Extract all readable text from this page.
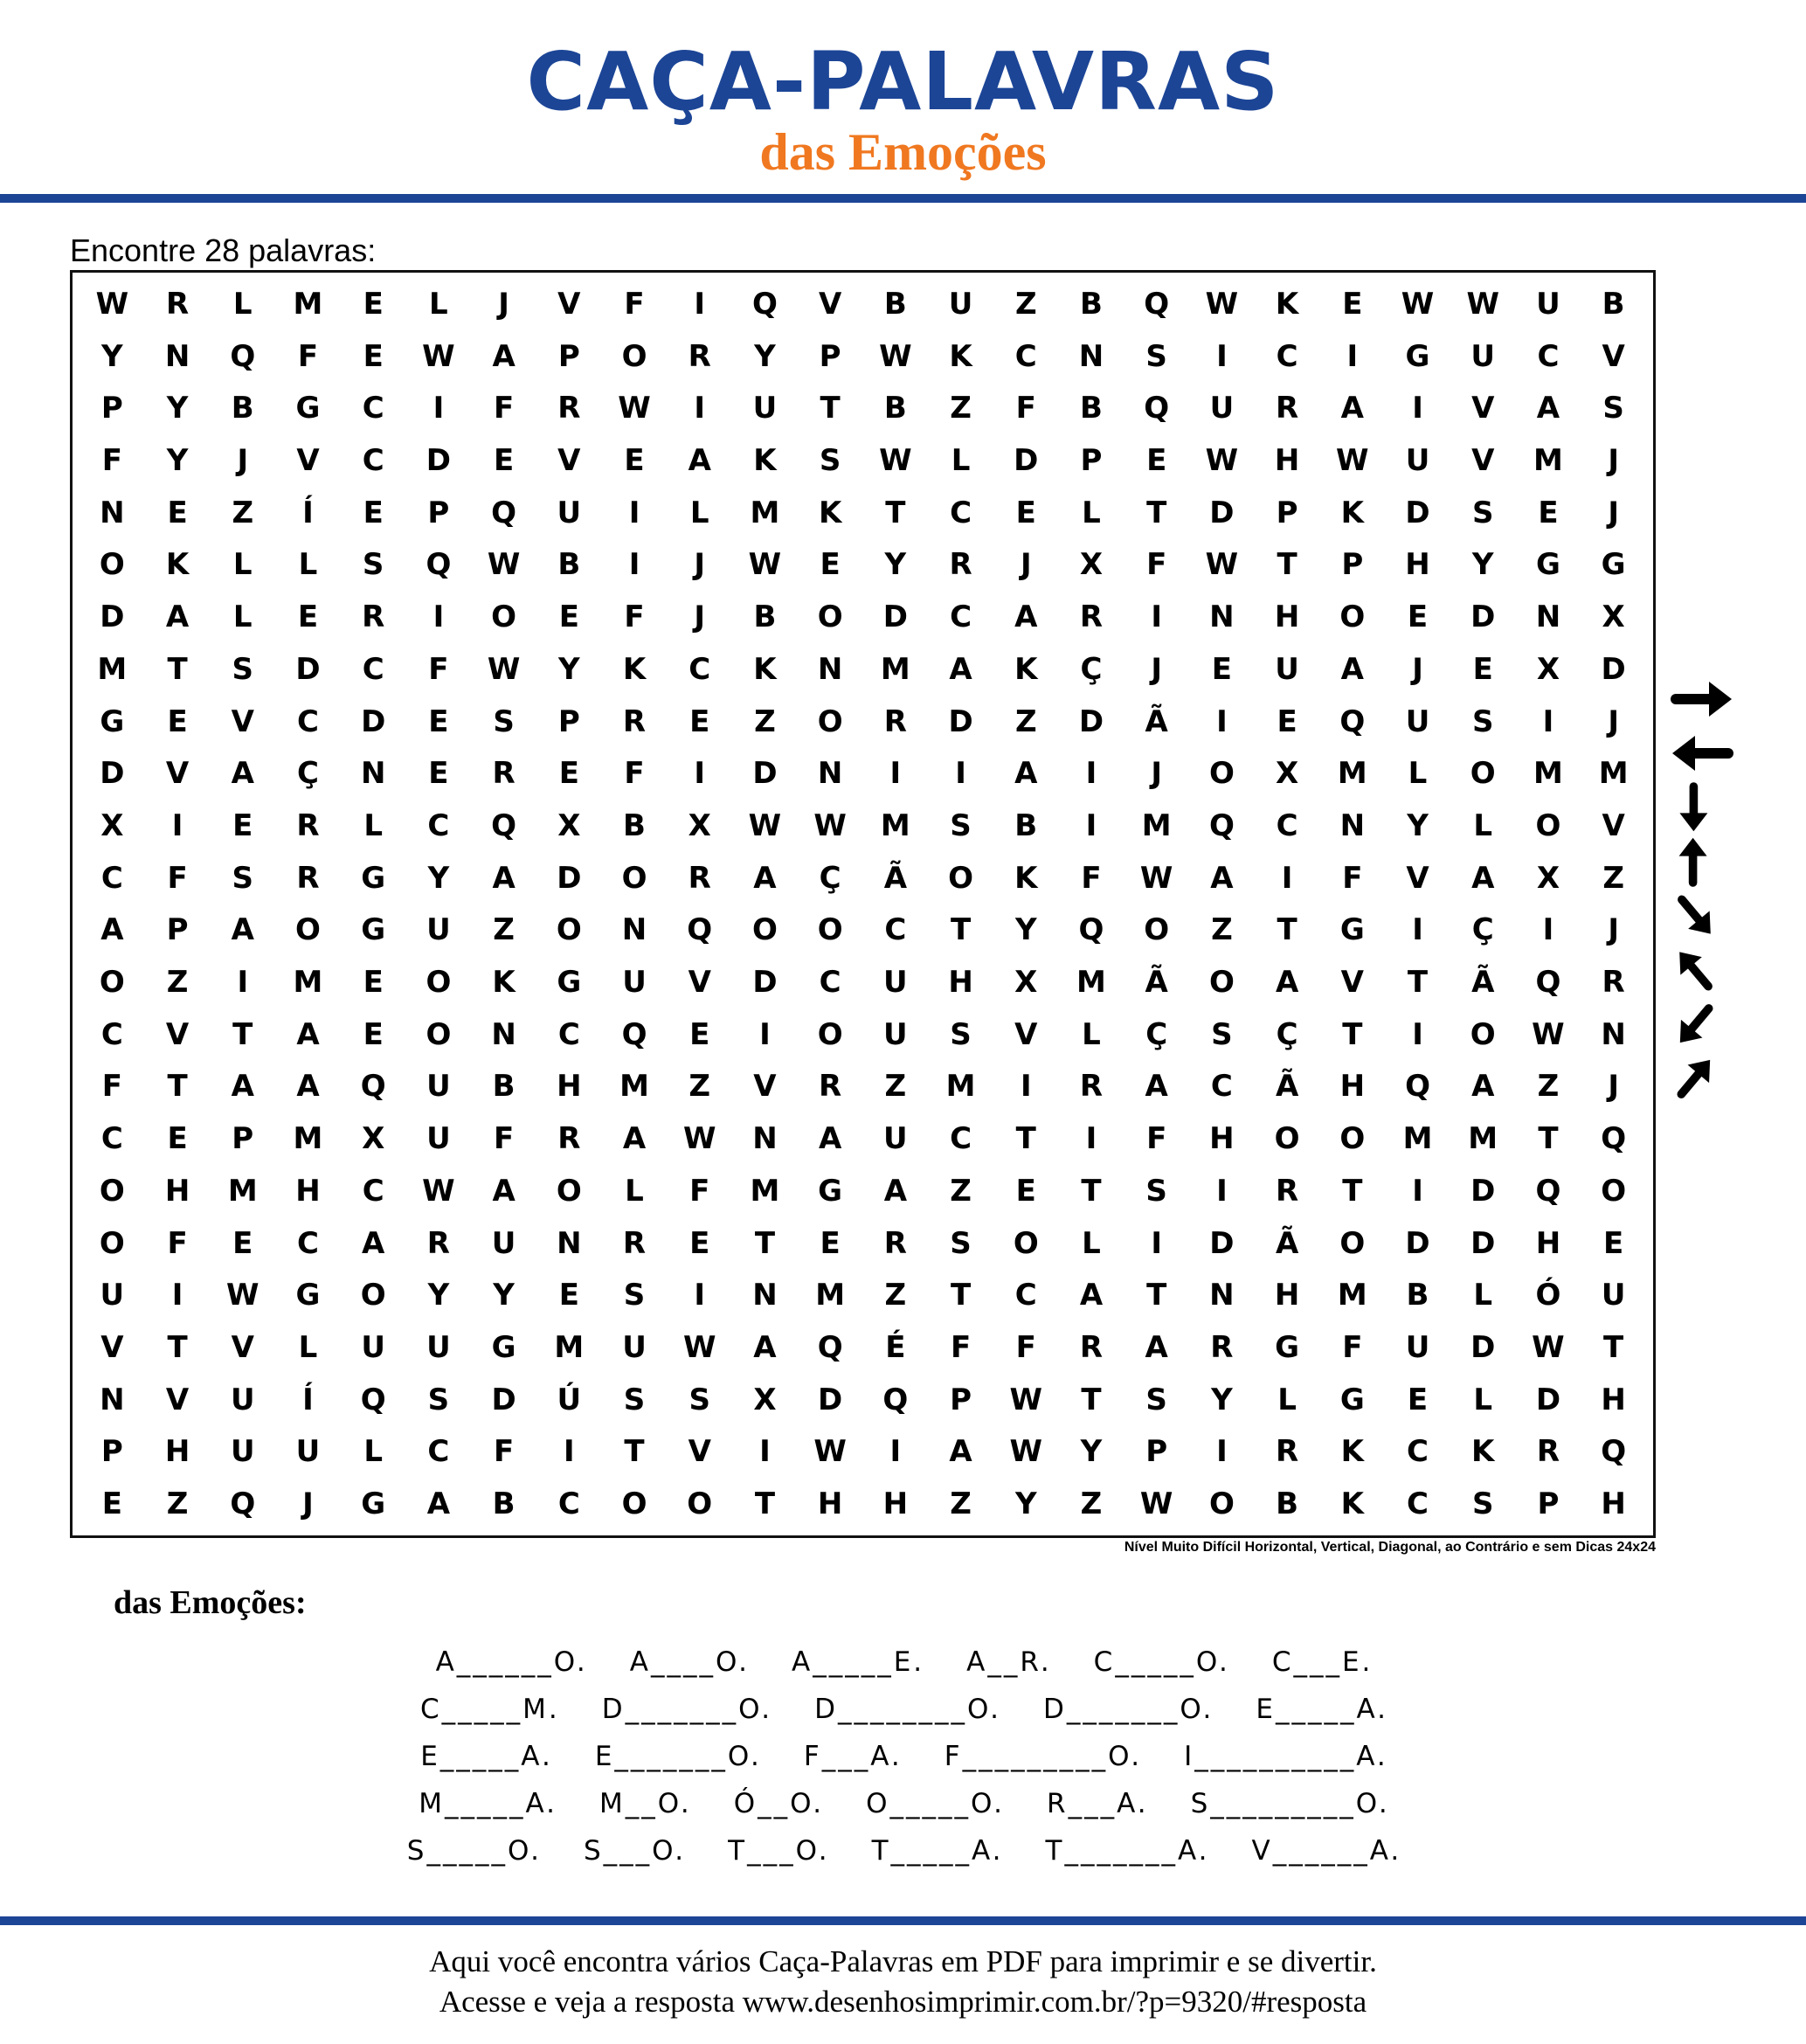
CAÇA-PALAVRAS
das Emoções
Encontre 28 palavras:
W	R	L	M	E	L	J	V	F	I	Q	V	B	U	Z	B	Q	W	K	E	W	W	U	B
Y	N	Q	F	E	W	A	P	O	R	Y	P	W	K	C	N	S	I	C	I	G	U	C	V
P	Y	B	G	C	I	F	R	W	I	U	T	B	Z	F	B	Q	U	R	A	I	V	A	S
F	Y	J	V	C	D	E	V	E	A	K	S	W	L	D	P	E	W	H	W	U	V	M	J
N	E	Z	Í	E	P	Q	U	I	L	M	K	T	C	E	L	T	D	P	K	D	S	E	J
O	K	L	L	S	Q	W	B	I	J	W	E	Y	R	J	X	F	W	T	P	H	Y	G	G
D	A	L	E	R	I	O	E	F	J	B	O	D	C	A	R	I	N	H	O	E	D	N	X
M	T	S	D	C	F	W	Y	K	C	K	N	M	A	K	Ç	J	E	U	A	J	E	X	D
G	E	V	C	D	E	S	P	R	E	Z	O	R	D	Z	D	Ã	I	E	Q	U	S	I	J
D	V	A	Ç	N	E	R	E	F	I	D	N	I	I	A	I	J	O	X	M	L	O	M	M
X	I	E	R	L	C	Q	X	B	X	W	W	M	S	B	I	M	Q	C	N	Y	L	O	V
C	F	S	R	G	Y	A	D	O	R	A	Ç	Ã	O	K	F	W	A	I	F	V	A	X	Z
A	P	A	O	G	U	Z	O	N	Q	O	O	C	T	Y	Q	O	Z	T	G	I	Ç	I	J
O	Z	I	M	E	O	K	G	U	V	D	C	U	H	X	M	Ã	O	A	V	T	Ã	Q	R
C	V	T	A	E	O	N	C	Q	E	I	O	U	S	V	L	Ç	S	Ç	T	I	O	W	N
F	T	A	A	Q	U	B	H	M	Z	V	R	Z	M	I	R	A	C	Ã	H	Q	A	Z	J
C	E	P	M	X	U	F	R	A	W	N	A	U	C	T	I	F	H	O	O	M	M	T	Q
O	H	M	H	C	W	A	O	L	F	M	G	A	Z	E	T	S	I	R	T	I	D	Q	O
O	F	E	C	A	R	U	N	R	E	T	E	R	S	O	L	I	D	Ã	O	D	D	H	E
U	I	W	G	O	Y	Y	E	S	I	N	M	Z	T	C	A	T	N	H	M	B	L	Ó	U
V	T	V	L	U	U	G	M	U	W	A	Q	É	F	F	R	A	R	G	F	U	D	W	T
N	V	U	Í	Q	S	D	Ú	S	S	X	D	Q	P	W	T	S	Y	L	G	E	L	D	H
P	H	U	U	L	C	F	I	T	V	I	W	I	A	W	Y	P	I	R	K	C	K	R	Q
E	Z	Q	J	G	A	B	C	O	O	T	H	H	Z	Y	Z	W	O	B	K	C	S	P	H
Nível Muito Difícil Horizontal, Vertical, Diagonal, ao Contrário e sem Dicas 24x24
das Emoções:
A______O. A____O. A_____E. A__R. C_____O. C___E.
C_____M. D_______O. D________O. D_______O. E_____A.
E_____A. E_______O. F___A. F_________O. I__________A.
M_____A. M__O. Ó__O. O_____O. R___A. S_________O.
S_____O. S___O. T___O. T_____A. T_______A. V______A.
Aqui você encontra vários Caça-Palavras em PDF para imprimir e se divertir.
Acesse e veja a resposta www.desenhosimprimir.com.br/?p=9320/#resposta
